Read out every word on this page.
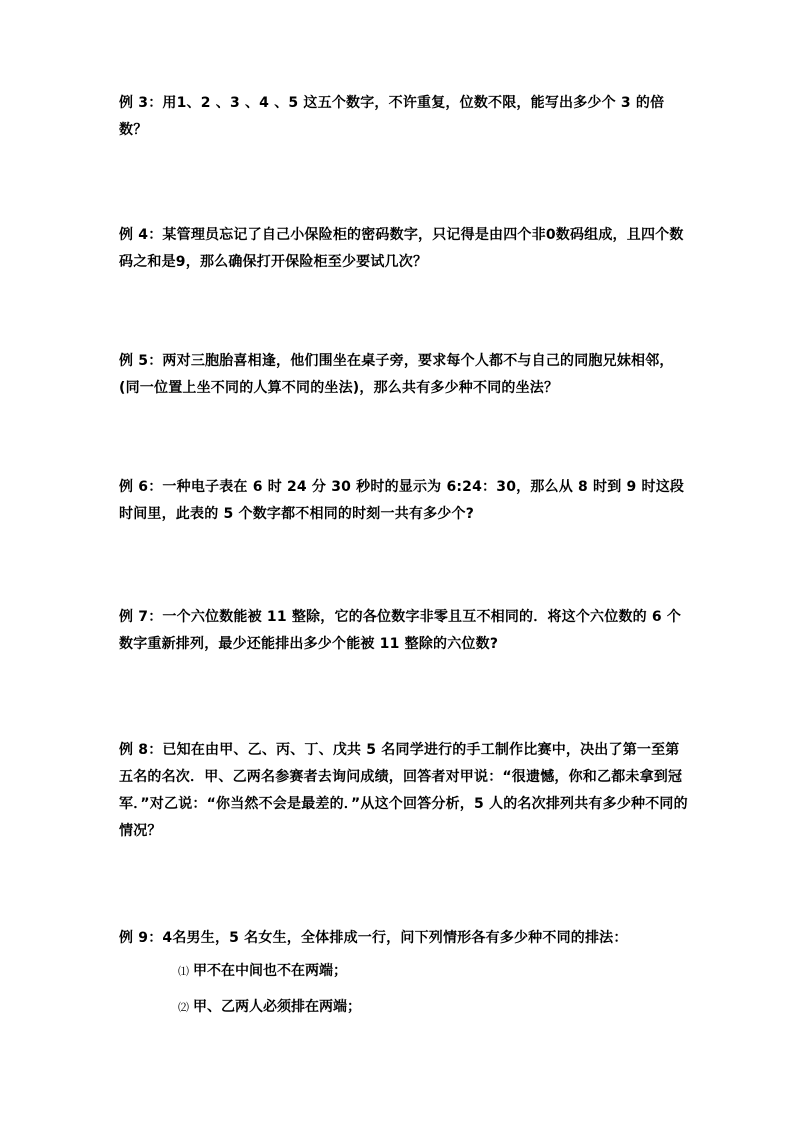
例 3：用1、2 、3 、4 、5 这五个数字，不许重复，位数不限，能写出多少个 3 的倍数？

例 4：某管理员忘记了自己小保险柜的密码数字，只记得是由四个非0数码组成，且四个数码之和是9，那么确保打开保险柜至少要试几次？

例 5：两对三胞胎喜相逢，他们围坐在桌子旁，要求每个人都不与自己的同胞兄妹相邻，(同一位置上坐不同的人算不同的坐法)，那么共有多少种不同的坐法？

例 6：一种电子表在 6 时 24 分 30 秒时的显示为 6:24：30，那么从 8 时到 9 时这段时间里，此表的 5 个数字都不相同的时刻一共有多少个?

例 7：一个六位数能被 11 整除，它的各位数字非零且互不相同的．将这个六位数的 6 个数字重新排列，最少还能排出多少个能被 11 整除的六位数?

例 8：已知在由甲、乙、丙、丁、戊共 5 名同学进行的手工制作比赛中，决出了第一至第五名的名次．甲、乙两名参赛者去询问成绩，回答者对甲说：“很遗憾，你和乙都未拿到冠军．”对乙说：“你当然不会是最差的．”从这个回答分析，5 人的名次排列共有多少种不同的情况？

例 9：4名男生，5 名女生，全体排成一行，问下列情形各有多少种不同的排法：

⑴ 甲不在中间也不在两端；
⑵ 甲、乙两人必须排在两端；
